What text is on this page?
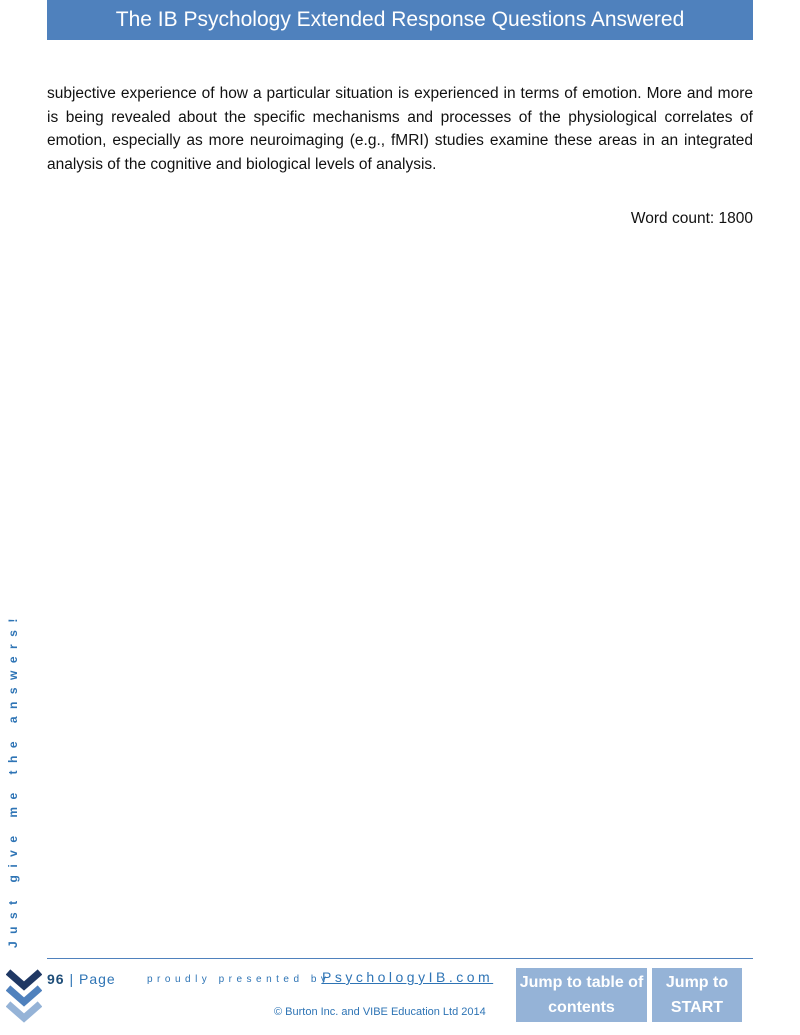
The IB Psychology Extended Response Questions Answered
subjective experience of how a particular situation is experienced in terms of emotion. More and more is being revealed about the specific mechanisms and processes of the physiological correlates of emotion, especially as more neuroimaging (e.g., fMRI) studies examine these areas in an integrated analysis of the cognitive and biological levels of analysis.
Word count: 1800
Just give me the answers!
96 | Page	proudly presented by
PsychologyIB.com
© Burton Inc. and VIBE Education Ltd 2014
Jump to table of contents
Jump to START
